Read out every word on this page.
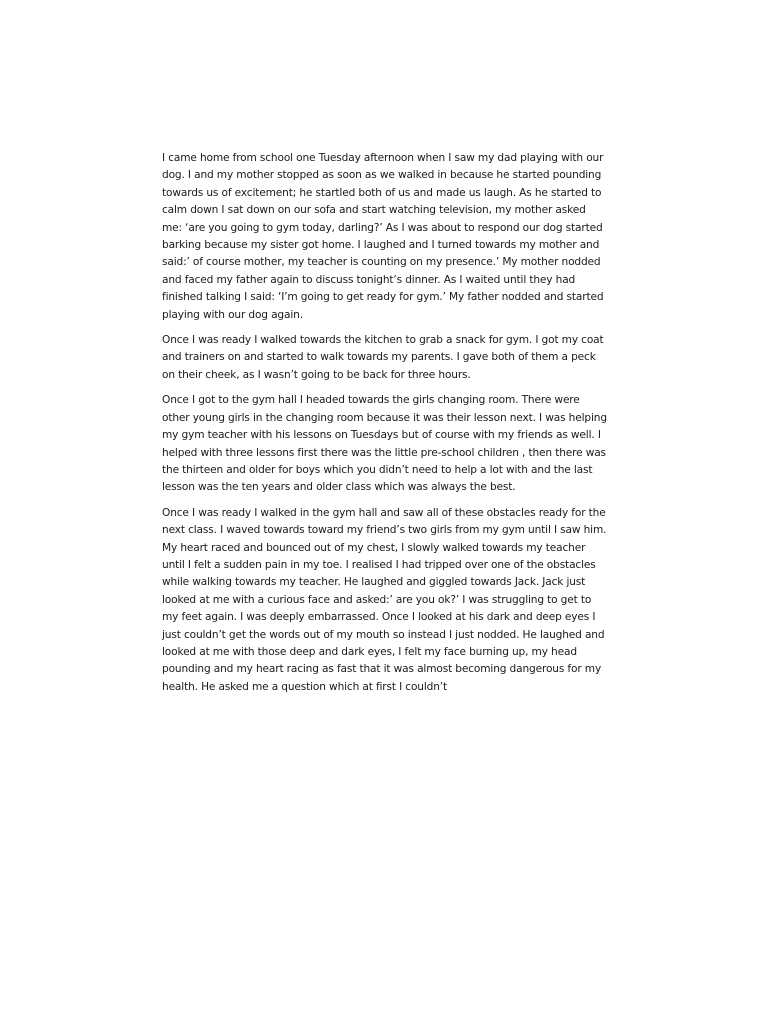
I came home from school one Tuesday afternoon when I saw my dad playing with our dog. I and my mother stopped as soon as we walked in because he started pounding towards us of excitement; he startled both of us and made us laugh. As he started to calm down I sat down on our sofa and start watching television, my mother asked me: ‘are you going to gym today, darling?’ As I was about to respond our dog started barking because my sister got home. I laughed and I turned towards my mother and said:’ of course mother, my teacher is counting on my presence.’ My mother nodded and faced my father again to discuss tonight’s dinner. As I waited until they had finished talking I said: ‘I’m going to get ready for gym.’ My father nodded and started playing with our dog again.

Once I was ready I walked towards the kitchen to grab a snack for gym. I got my coat and trainers on and started to walk towards my parents. I gave both of them a peck on their cheek, as I wasn’t going to be back for three hours.

Once I got to the gym hall I headed towards the girls changing room. There were other young girls in the changing room because it was their lesson next. I was helping my gym teacher with his lessons on Tuesdays but of course with my friends as well. I helped with three lessons first there was the little pre-school children , then there was the thirteen and older for boys which you didn’t need to help a lot with and the last lesson was the ten years and older class which was always the best.

Once I was ready I walked in the gym hall and saw all of these obstacles ready for the next class. I waved towards toward my friend’s two girls from my gym until I saw him. My heart raced and bounced out of my chest, I slowly walked towards my teacher until I felt a sudden pain in my toe. I realised I had tripped over one of the obstacles while walking towards my teacher. He laughed and giggled towards Jack. Jack just looked at me with a curious face and asked:’ are you ok?’ I was struggling to get to my feet again. I was deeply embarrassed. Once I looked at his dark and deep eyes I just couldn’t get the words out of my mouth so instead I just nodded. He laughed and looked at me with those deep and dark eyes, I felt my face burning up, my head pounding and my heart racing as fast that it was almost becoming dangerous for my health. He asked me a question which at first I couldn’t
